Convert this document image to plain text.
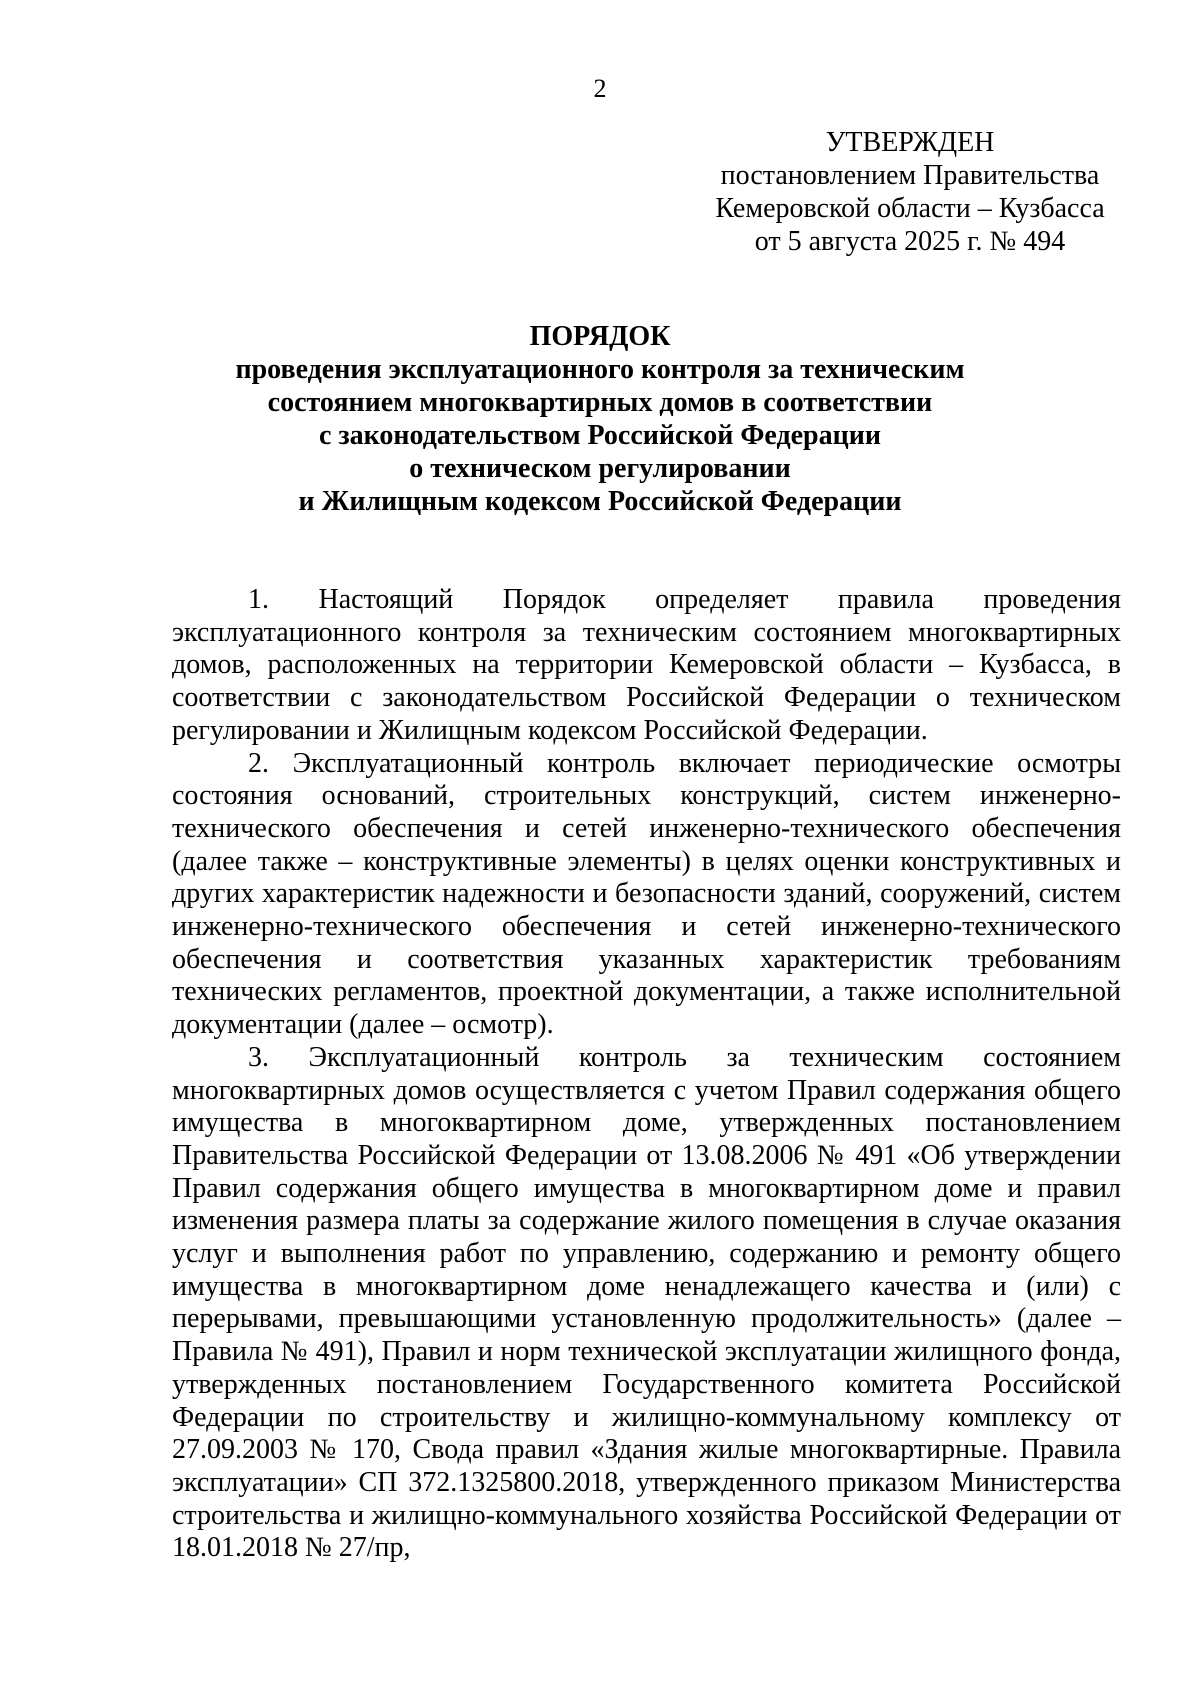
2
УТВЕРЖДЕН
постановлением Правительства
Кемеровской области – Кузбасса
от 5 августа 2025 г. № 494
ПОРЯДОК
проведения эксплуатационного контроля за техническим
состоянием многоквартирных домов в соответствии
с законодательством Российской Федерации
о техническом регулировании
и Жилищным кодексом Российской Федерации

1. Настоящий Порядок определяет правила проведения эксплуатационного контроля за техническим состоянием многоквартирных домов, расположенных на территории Кемеровской области – Кузбасса, в соответствии с законодательством Российской Федерации о техническом регулировании и Жилищным кодексом Российской Федерации.

2. Эксплуатационный контроль включает периодические осмотры состояния оснований, строительных конструкций, систем инженерно-технического обеспечения и сетей инженерно-технического обеспечения (далее также – конструктивные элементы) в целях оценки конструктивных и других характеристик надежности и безопасности зданий, сооружений, систем инженерно-технического обеспечения и сетей инженерно-технического обеспечения и соответствия указанных характеристик требованиям технических регламентов, проектной документации, а также исполнительной документации (далее – осмотр).

3. Эксплуатационный контроль за техническим состоянием многоквартирных домов осуществляется с учетом Правил содержания общего имущества в многоквартирном доме, утвержденных постановлением Правительства Российской Федерации от 13.08.2006 № 491 «Об утверждении Правил содержания общего имущества в многоквартирном доме и правил изменения размера платы за содержание жилого помещения в случае оказания услуг и выполнения работ по управлению, содержанию и ремонту общего имущества в многоквартирном доме ненадлежащего качества и (или) с перерывами, превышающими установленную продолжительность» (далее – Правила № 491), Правил и норм технической эксплуатации жилищного фонда, утвержденных постановлением Государственного комитета Российской Федерации по строительству и жилищно-коммунальному комплексу от 27.09.2003 № 170, Свода правил «Здания жилые многоквартирные. Правила эксплуатации» СП 372.1325800.2018, утвержденного приказом Министерства строительства и жилищно-коммунального хозяйства Российской Федерации от 18.01.2018 № 27/пр,
